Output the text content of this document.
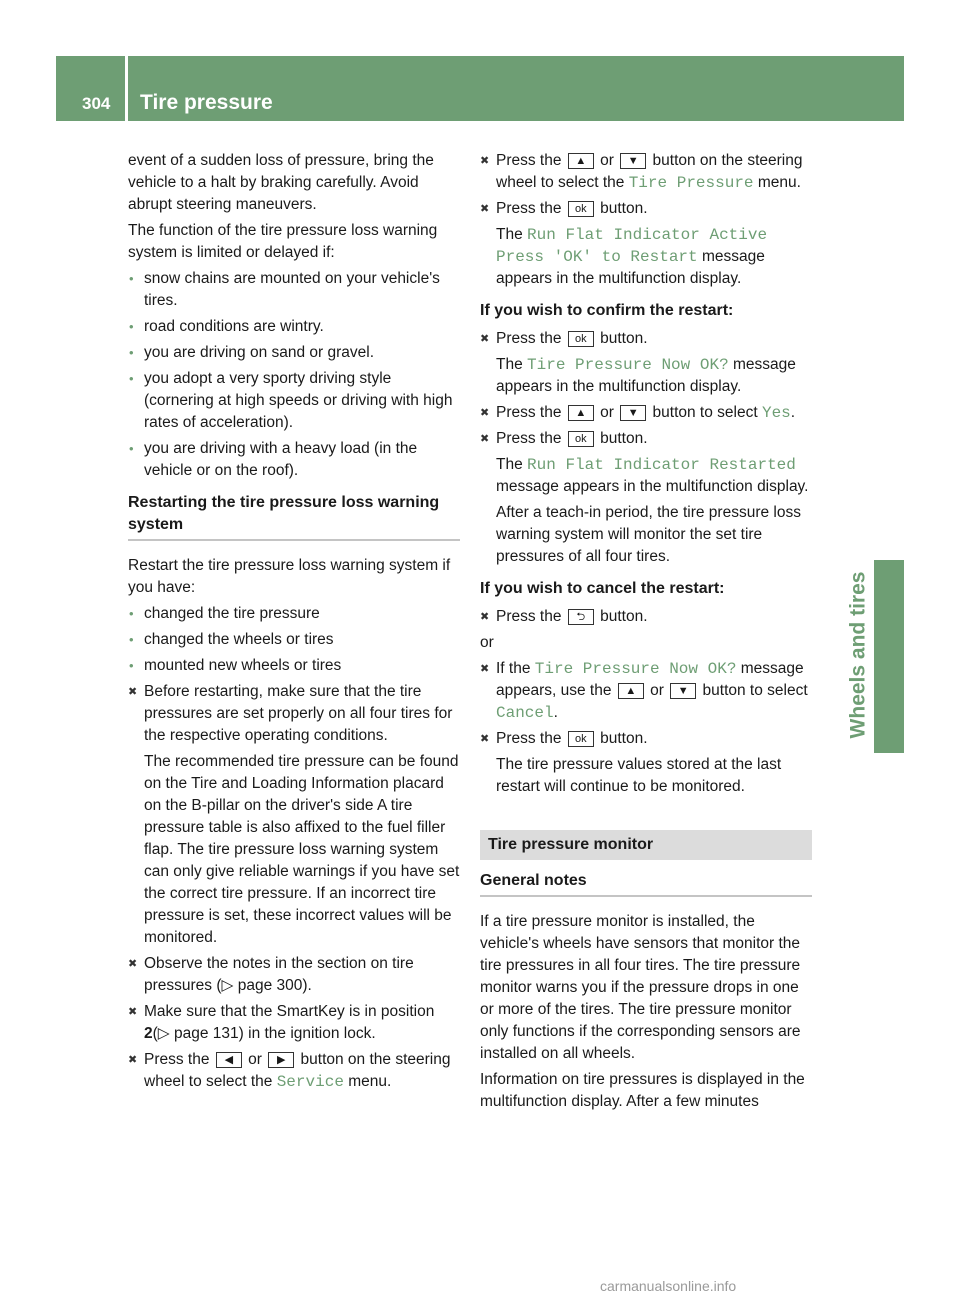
304 Tire pressure
Wheels and tires

event of a sudden loss of pressure, bring the vehicle to a halt by braking carefully. Avoid abrupt steering maneuvers.

The function of the tire pressure loss warning system is limited or delayed if:

• snow chains are mounted on your vehicle's tires.
• road conditions are wintry.
• you are driving on sand or gravel.
• you adopt a very sporty driving style (cornering at high speeds or driving with high rates of acceleration).
• you are driving with a heavy load (in the vehicle or on the roof).
Restarting the tire pressure loss warning system

Restart the tire pressure loss warning system if you have:

• changed the tire pressure
• changed the wheels or tires
• mounted new wheels or tires
✖ Before restarting, make sure that the tire pressures are set properly on all four tires for the respective operating conditions.
The recommended tire pressure can be found on the Tire and Loading Information placard on the B-pillar on the driver's side A tire pressure table is also affixed to the fuel filler flap. The tire pressure loss warning system can only give reliable warnings if you have set the correct tire pressure. If an incorrect tire pressure is set, these incorrect values will be monitored.
✖ Observe the notes in the section on tire pressures (▷ page 300).
✖ Make sure that the SmartKey is in position 2(▷ page 131) in the ignition lock.
✖ Press the ◀ or ▶ button on the steering wheel to select the Service menu.
✖ Press the ▲ or ▼ button on the steering wheel to select the Tire Pressure menu.
✖ Press the ok button.
The Run Flat Indicator Active Press 'OK' to Restart message appears in the multifunction display.
If you wish to confirm the restart:
✖ Press the ok button.
The Tire Pressure Now OK? message appears in the multifunction display.
✖ Press the ▲ or ▼ button to select Yes.
✖ Press the ok button.
The Run Flat Indicator Restarted message appears in the multifunction display.
After a teach-in period, the tire pressure loss warning system will monitor the set tire pressures of all four tires.
If you wish to cancel the restart:
✖ Press the ⮌ button.

or

✖ If the Tire Pressure Now OK? message appears, use the ▲ or ▼ button to select Cancel.
✖ Press the ok button.
The tire pressure values stored at the last restart will continue to be monitored.
Tire pressure monitor
General notes

If a tire pressure monitor is installed, the vehicle's wheels have sensors that monitor the tire pressures in all four tires. The tire pressure monitor warns you if the pressure drops in one or more of the tires. The tire pressure monitor only functions if the corresponding sensors are installed on all wheels.

Information on tire pressures is displayed in the multifunction display. After a few minutes

carmanualsonline.info
